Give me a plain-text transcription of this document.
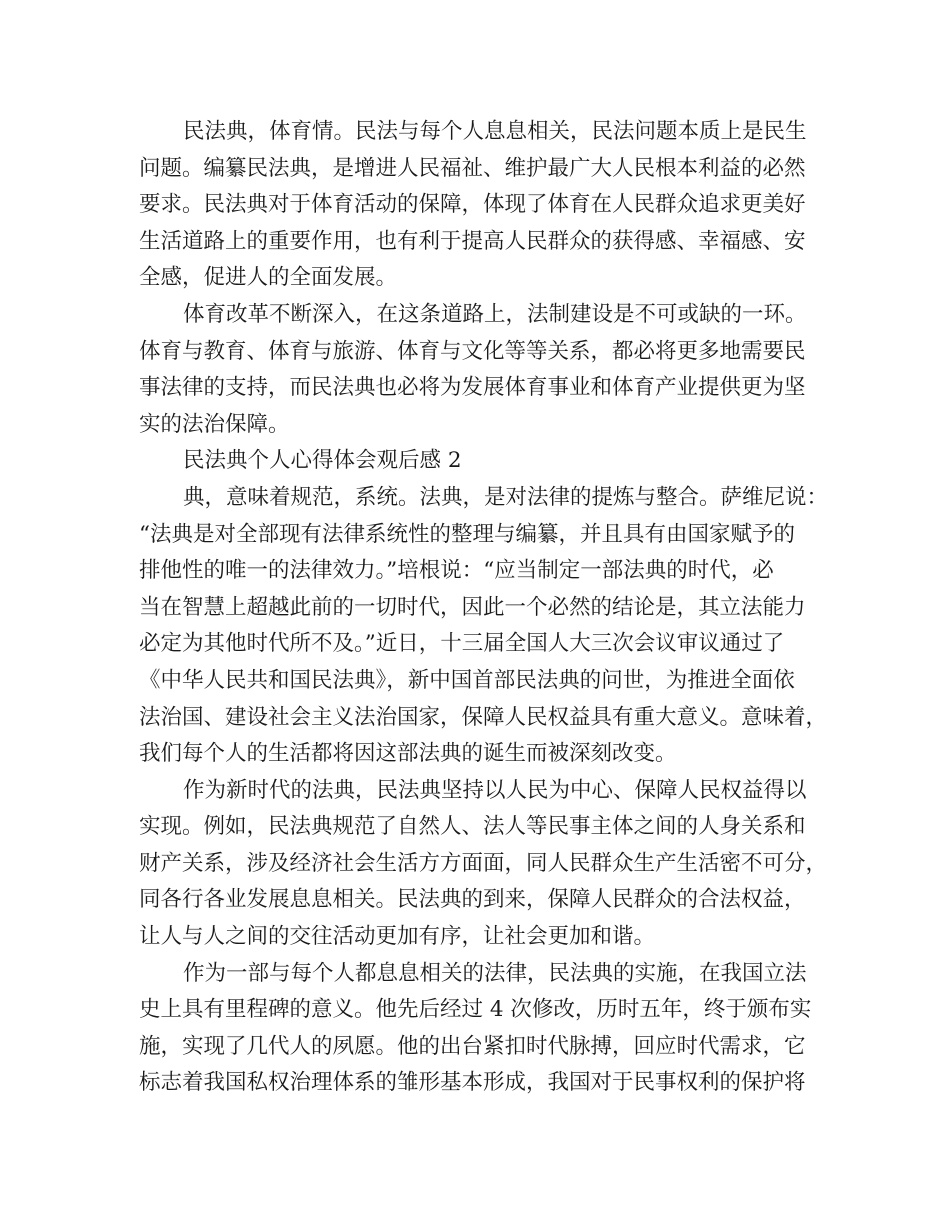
民法典，体育情。民法与每个人息息相关，民法问题本质上是民生
问题。编纂民法典，是增进人民福祉、维护最广大人民根本利益的必然
要求。民法典对于体育活动的保障，体现了体育在人民群众追求更美好
生活道路上的重要作用，也有利于提高人民群众的获得感、幸福感、安
全感，促进人的全面发展。
体育改革不断深入，在这条道路上，法制建设是不可或缺的一环。
体育与教育、体育与旅游、体育与文化等等关系，都必将更多地需要民
事法律的支持，而民法典也必将为发展体育事业和体育产业提供更为坚
实的法治保障。
民法典个人心得体会观后感 2
典，意味着规范，系统。法典，是对法律的提炼与整合。萨维尼说：
“法典是对全部现有法律系统性的整理与编纂，并且具有由国家赋予的
排他性的唯一的法律效力。”培根说：“应当制定一部法典的时代，必
当在智慧上超越此前的一切时代，因此一个必然的结论是，其立法能力
必定为其他时代所不及。”近日，十三届全国人大三次会议审议通过了
《中华人民共和国民法典》，新中国首部民法典的问世，为推进全面依
法治国、建设社会主义法治国家，保障人民权益具有重大意义。意味着，
我们每个人的生活都将因这部法典的诞生而被深刻改变。
作为新时代的法典，民法典坚持以人民为中心、保障人民权益得以
实现。例如，民法典规范了自然人、法人等民事主体之间的人身关系和
财产关系，涉及经济社会生活方方面面，同人民群众生产生活密不可分，
同各行各业发展息息相关。民法典的到来，保障人民群众的合法权益，
让人与人之间的交往活动更加有序，让社会更加和谐。
作为一部与每个人都息息相关的法律，民法典的实施，在我国立法
史上具有里程碑的意义。他先后经过 4 次修改，历时五年，终于颁布实
施，实现了几代人的夙愿。他的出台紧扣时代脉搏，回应时代需求，它
标志着我国私权治理体系的雏形基本形成，我国对于民事权利的保护将
